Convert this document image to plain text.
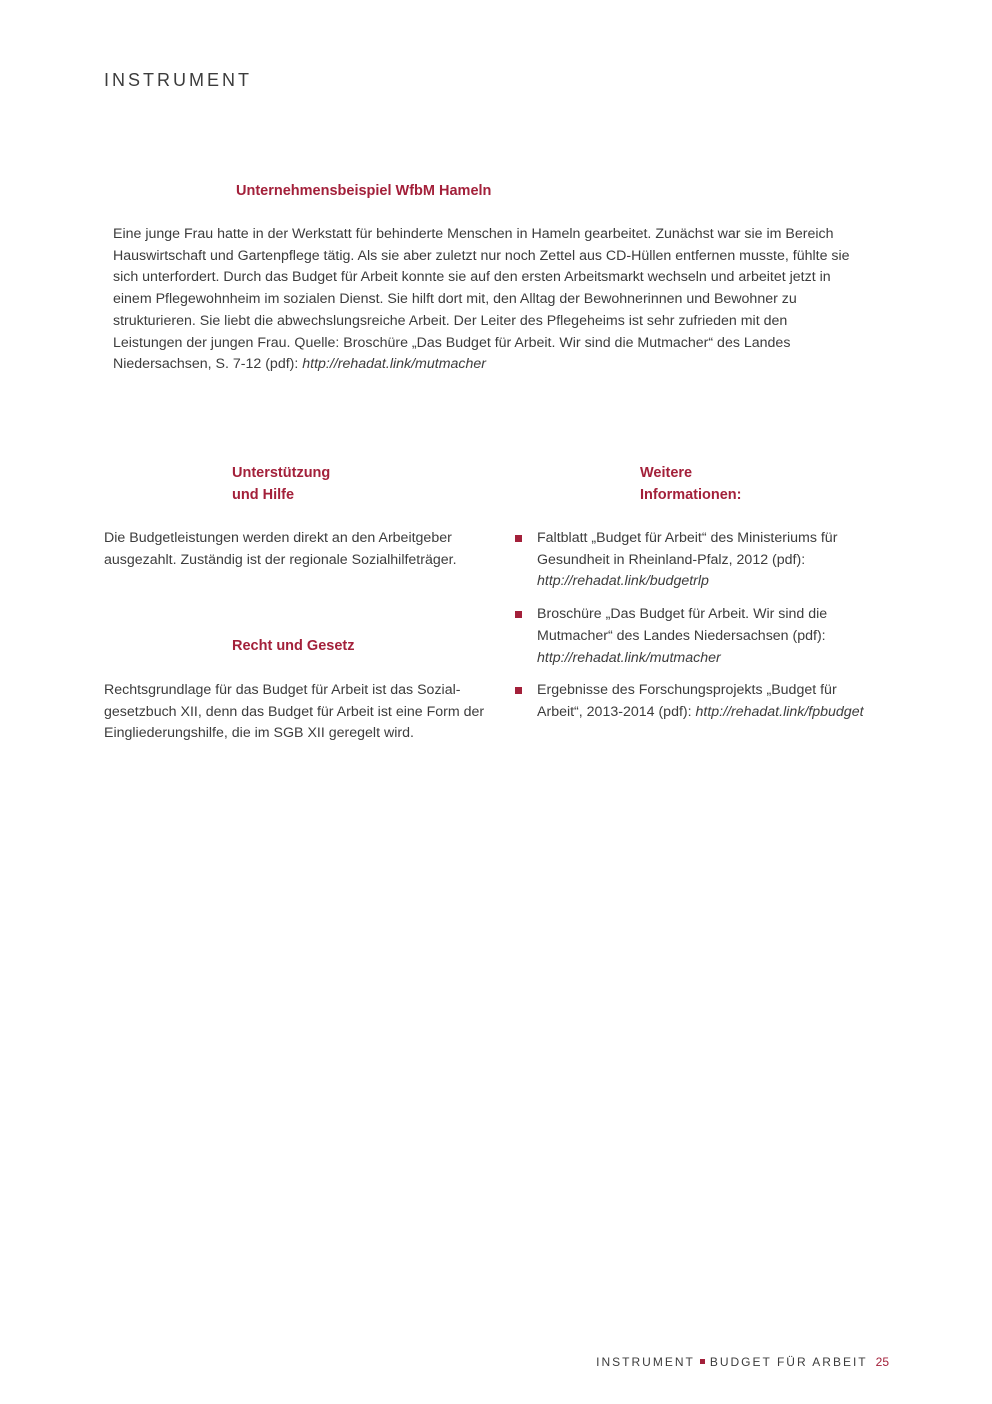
INSTRUMENT
Unternehmensbeispiel WfbM Hameln

Eine junge Frau hatte in der Werkstatt für behinderte Menschen in Hameln gearbeitet. Zunächst war sie im Bereich Hauswirtschaft und Gartenpflege tätig. Als sie aber zuletzt nur noch Zettel aus CD-Hüllen entfernen musste, fühlte sie sich unterfordert. Durch das Budget für Arbeit konnte sie auf den ersten Arbeitsmarkt wechseln und arbeitet jetzt in einem Pflegewohnheim im sozialen Dienst. Sie hilft dort mit, den Alltag der Bewohnerinnen und Bewohner zu strukturieren. Sie liebt die abwechslungsreiche Arbeit. Der Leiter des Pflegeheims ist sehr zufrieden mit den Leistungen der jungen Frau. Quelle: Broschüre „Das Budget für Arbeit. Wir sind die Mutmacher“ des Landes Niedersachsen, S. 7-12 (pdf): http://rehadat.link/mutmacher

Unterstützung
und Hilfe

Die Budgetleistungen werden direkt an den Arbeitgeber ausgezahlt. Zuständig ist der regionale Sozialhilfeträger.

Recht und Gesetz

Rechtsgrundlage für das Budget für Arbeit ist das Sozial-gesetzbuch XII, denn das Budget für Arbeit ist eine Form der Eingliederungshilfe, die im SGB XII geregelt wird.

Weitere
Informationen:
Faltblatt „Budget für Arbeit“ des Ministeriums für Gesundheit in Rheinland-Pfalz, 2012 (pdf): http://rehadat.link/budgetrlp
Broschüre „Das Budget für Arbeit. Wir sind die Mutmacher“ des Landes Niedersachsen (pdf): http://rehadat.link/mutmacher
Ergebnisse des Forschungsprojekts „Budget für Arbeit“, 2013-2014 (pdf): http://rehadat.link/fpbudget
INSTRUMENT BUDGET FÜR ARBEIT 25
